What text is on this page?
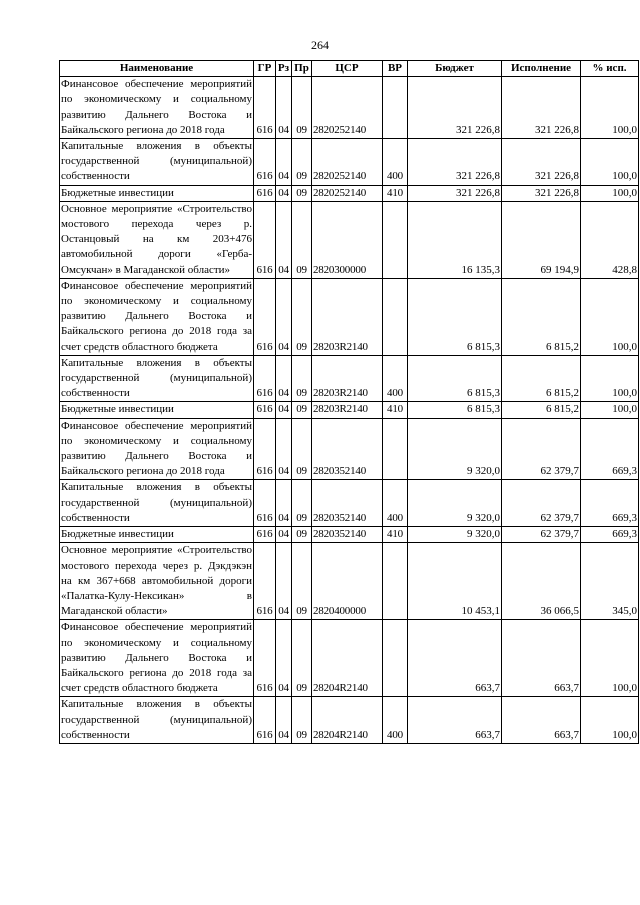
264
Наименование	ГР	Рз	Пр	ЦСР	ВР	Бюджет	Исполнение	% исп.
Финансовое обеспечение мероприятий по экономическому и социальному развитию Дальнего Востока и Байкальского региона до 2018 года	616	04	09	2820252140		321 226,8	321 226,8	100,0
Капитальные вложения в объекты государственной (муниципальной) собственности	616	04	09	2820252140	400	321 226,8	321 226,8	100,0
Бюджетные инвестиции	616	04	09	2820252140	410	321 226,8	321 226,8	100,0
Основное мероприятие «Строительство мостового перехода через р. Останцовый на км 203+476 автомобильной дороги «Герба-Омсукчан» в Магаданской области»	616	04	09	2820300000		16 135,3	69 194,9	428,8
Финансовое обеспечение мероприятий по экономическому и социальному развитию Дальнего Востока и Байкальского региона до 2018 года за счет средств областного бюджета	616	04	09	28203R2140		6 815,3	6 815,2	100,0
Капитальные вложения в объекты государственной (муниципальной) собственности	616	04	09	28203R2140	400	6 815,3	6 815,2	100,0
Бюджетные инвестиции	616	04	09	28203R2140	410	6 815,3	6 815,2	100,0
Финансовое обеспечение мероприятий по экономическому и социальному развитию Дальнего Востока и Байкальского региона до 2018 года	616	04	09	2820352140		9 320,0	62 379,7	669,3
Капитальные вложения в объекты государственной (муниципальной) собственности	616	04	09	2820352140	400	9 320,0	62 379,7	669,3
Бюджетные инвестиции	616	04	09	2820352140	410	9 320,0	62 379,7	669,3
Основное мероприятие «Строительство мостового перехода через р. Дэкдэкэн на км 367+668 автомобильной дороги «Палатка-Кулу-Нексикан» в Магаданской области»	616	04	09	2820400000		10 453,1	36 066,5	345,0
Финансовое обеспечение мероприятий по экономическому и социальному развитию Дальнего Востока и Байкальского региона до 2018 года за счет средств областного бюджета	616	04	09	28204R2140		663,7	663,7	100,0
Капитальные вложения в объекты государственной (муниципальной) собственности	616	04	09	28204R2140	400	663,7	663,7	100,0
